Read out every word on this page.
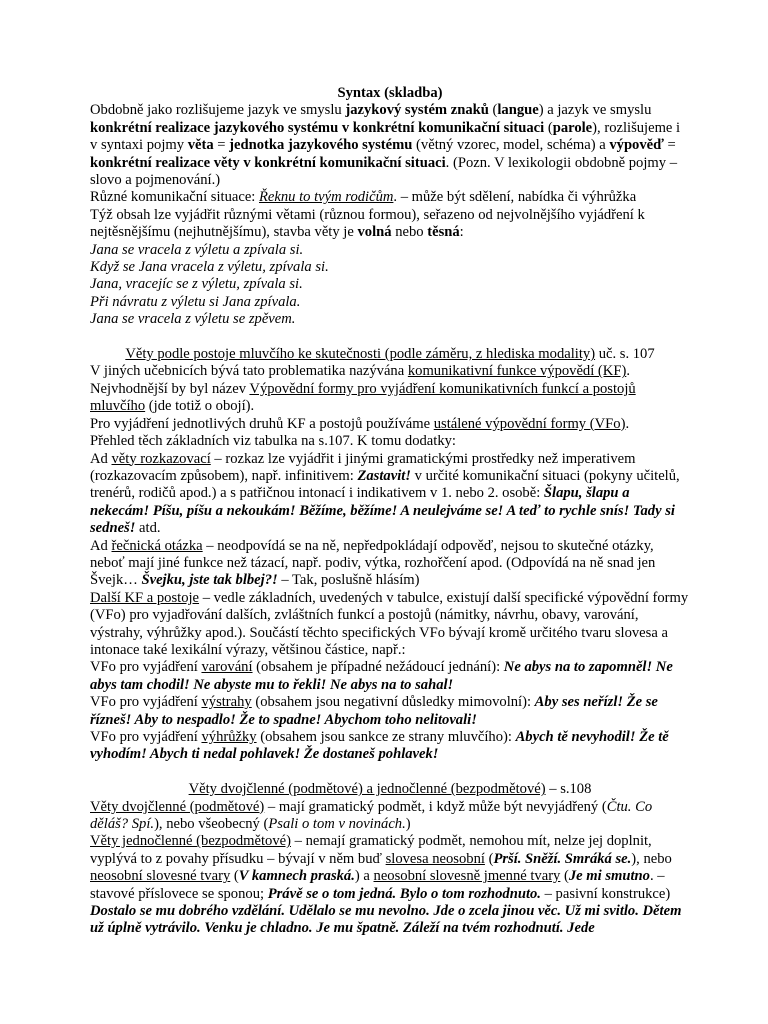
Syntax (skladba)
Obdobně jako rozlišujeme jazyk ve smyslu jazykový systém znaků (langue) a jazyk ve smyslu konkrétní realizace jazykového systému v konkrétní komunikační situaci (parole), rozlišujeme i v syntaxi pojmy věta = jednotka jazykového systému (větný vzorec, model, schéma) a výpověď = konkrétní realizace věty v konkrétní komunikační situaci. (Pozn. V lexikologii obdobně pojmy – slovo a pojmenování.)
Různé komunikační situace: Řeknu to tvým rodičům. – může být sdělení, nabídka či výhrůžka
Týž obsah lze vyjádřit různými větami (různou formou), seřazeno od nejvolnějšího vyjádření k nejtěsnějšímu (nejhutnějšímu), stavba věty je volná nebo těsná:
Jana se vracela z výletu a zpívala si.
Když se Jana vracela z výletu, zpívala si.
Jana, vracejíc se z výletu, zpívala si.
Při návratu z výletu si Jana zpívala.
Jana se vracela z výletu se zpěvem.
Věty podle postoje mluvčího ke skutečnosti (podle záměru, z hlediska modality) uč. s. 107
V jiných učebnicích bývá tato problematika nazývána komunikativní funkce výpovědí (KF). Nejvhodnější by byl název Výpovědní formy pro vyjádření komunikativních funkcí a postojů mluvčího (jde totiž o obojí).
Pro vyjádření jednotlivých druhů KF a postojů používáme ustálené výpovědní formy (VFo).
Přehled těch základních viz tabulka na s.107. K tomu dodatky:
Ad věty rozkazovací – rozkaz lze vyjádřit i jinými gramatickými prostředky než imperativem (rozkazovacím způsobem), např. infinitivem: Zastavit! v určité komunikační situaci (pokyny učitelů, trenérů, rodičů apod.) a s patřičnou intonací i indikativem v 1. nebo 2. osobě: Šlapu, šlapu a nekecám! Píšu, píšu a nekoukám! Běžíme, běžíme! A neulejváme se! A teď to rychle snís! Tady si sedneš! atd.
Ad řečnická otázka – neodpovídá se na ně, nepředpokládají odpověď, nejsou to skutečné otázky, neboť mají jiné funkce než tázací, např. podiv, výtka, rozhořčení apod. (Odpovídá na ně snad jen Švejk… Švejku, jste tak blbej?! – Tak, poslušně hlásím)
Další KF a postoje – vedle základních, uvedených v tabulce, existují další specifické výpovědní formy (VFo) pro vyjadřování dalších, zvláštních funkcí a postojů (námitky, návrhu, obavy, varování, výstrahy, výhrůžky apod.). Součástí těchto specifických VFo bývají kromě určitého tvaru slovesa a intonace také lexikální výrazy, většinou částice, např.:
VFo pro vyjádření varování (obsahem je případné nežádoucí jednání): Ne abys na to zapomněl! Ne abys tam chodil! Ne abyste mu to řekli! Ne abys na to sahal!
VFo pro vyjádření výstrahy (obsahem jsou negativní důsledky mimovolní): Aby ses neřízl! Že se řízneš! Aby to nespadlo! Že to spadne! Abychom toho nelitovali!
VFo pro vyjádření výhrůžky (obsahem jsou sankce ze strany mluvčího): Abych tě nevyhodil! Že tě vyhodím! Abych ti nedal pohlavek! Že dostaneš pohlavek!
Věty dvojčlenné (podmětové) a jednočlenné (bezpodmětové) – s.108
Věty dvojčlenné (podmětové) – mají gramatický podmět, i když může být nevyjádřený (Čtu. Co děláš? Spí.), nebo všeobecný (Psali o tom v novinách.)
Věty jednočlenné (bezpodmětové) – nemají gramatický podmět, nemohou mít, nelze jej doplnit, vyplývá to z povahy přísudku – bývají v něm buď slovesa neosobní (Prší. Sněží. Smráká se.), nebo neosobní slovesné tvary (V kamnech praská.) a neosobní slovesně jmenné tvary (Je mi smutno. – stavové přísloveсе se sponou; Právě se o tom jedná. Bylo o tom rozhodnuto. – pasivní konstrukce)
Dostalo se mu dobrého vzdělání. Udělalo se mu nevolno. Jde o zcela jinou věc. Už mi svitlo. Dětem už úplně vytrávilo. Venku je chladno. Je mu špatně. Záleží na tvém rozhodnutí. Jede
